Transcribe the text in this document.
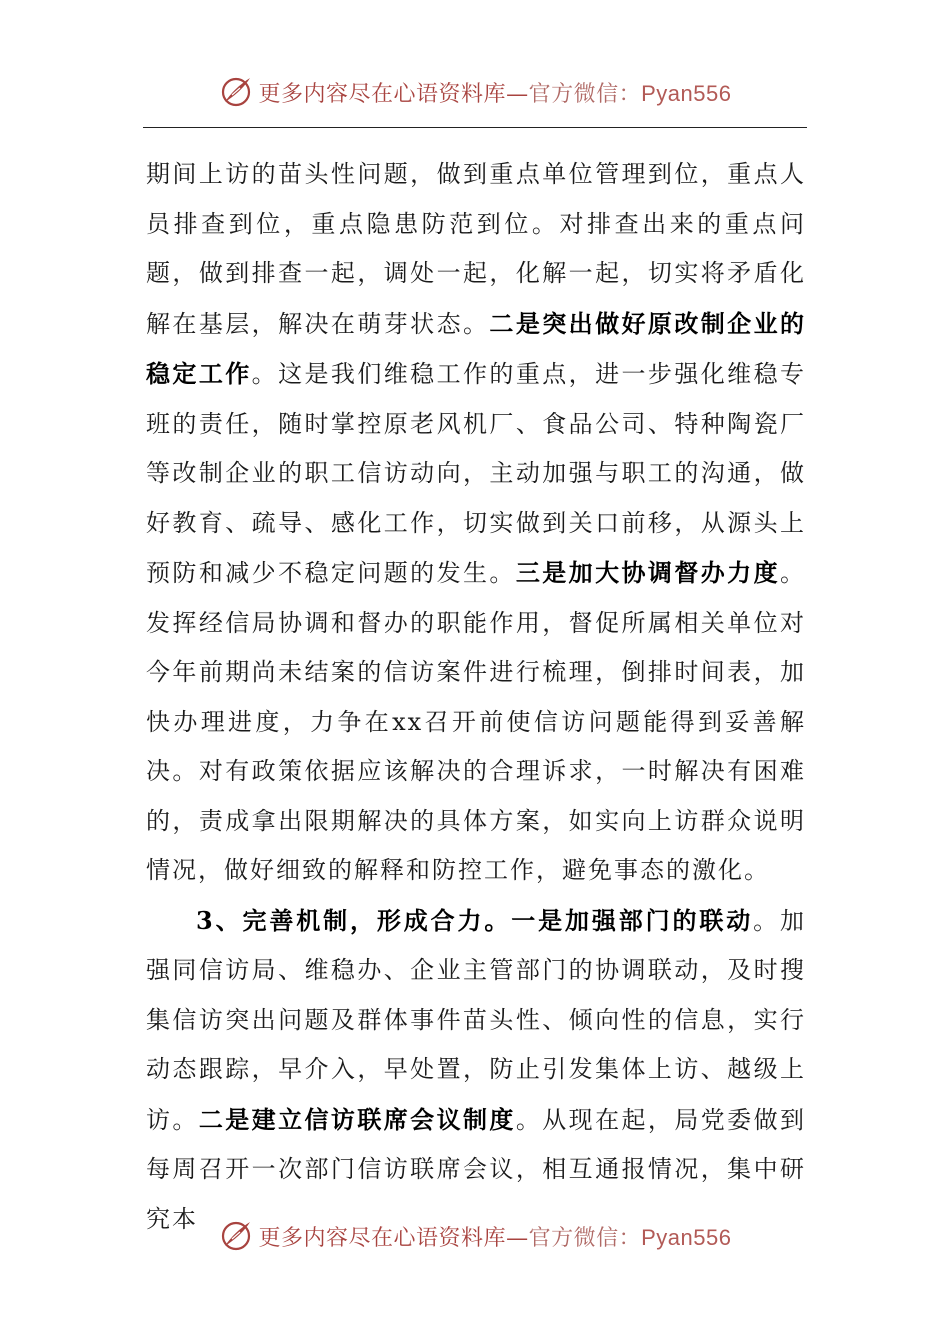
更多内容尽在心语资料库—官方微信：Pyan556

期间上访的苗头性问题，做到重点单位管理到位，重点人员排查到位，重点隐患防范到位。对排查出来的重点问题，做到排查一起，调处一起，化解一起，切实将矛盾化解在基层，解决在萌芽状态。二是突出做好原改制企业的稳定工作。这是我们维稳工作的重点，进一步强化维稳专班的责任，随时掌控原老风机厂、食品公司、特种陶瓷厂等改制企业的职工信访动向，主动加强与职工的沟通，做好教育、疏导、感化工作，切实做到关口前移，从源头上预防和减少不稳定问题的发生。三是加大协调督办力度。发挥经信局协调和督办的职能作用，督促所属相关单位对今年前期尚未结案的信访案件进行梳理，倒排时间表，加快办理进度，力争在xx召开前使信访问题能得到妥善解决。对有政策依据应该解决的合理诉求，一时解决有困难的，责成拿出限期解决的具体方案，如实向上访群众说明情况，做好细致的解释和防控工作，避免事态的激化。

3、完善机制，形成合力。一是加强部门的联动。加强同信访局、维稳办、企业主管部门的协调联动，及时搜集信访突出问题及群体事件苗头性、倾向性的信息，实行动态跟踪，早介入，早处置，防止引发集体上访、越级上访。二是建立信访联席会议制度。从现在起，局党委做到每周召开一次部门信访联席会议，相互通报情况，集中研究本

更多内容尽在心语资料库—官方微信：Pyan556
